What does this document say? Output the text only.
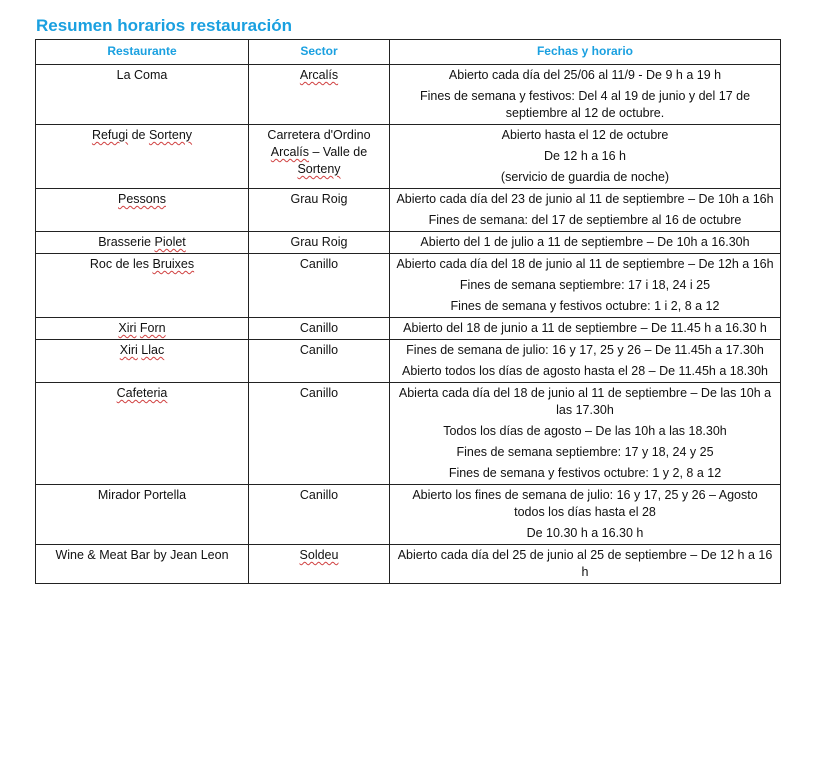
Resumen horarios restauración
Restaurante	Sector	Fechas y horario
La Coma	Arcalís	Abierto cada día del 25/06 al 11/9 - De 9 h a 19 h
Fines de semana y festivos: Del 4 al 19 de junio y del 17 de septiembre al 12 de octubre.

Refugi de Sorteny	Carretera d'Ordino Arcalís – Valle de Sorteny	Abierto hasta el 12 de octubre
De 12 h a 16 h
(servicio de guardia de noche)

Pessons	Grau Roig	Abierto cada día del 23 de junio al 11 de septiembre – De 10h a 16h
Fines de semana: del 17 de septiembre al 16 de octubre

Brasserie Piolet	Grau Roig	Abierto del 1 de julio a 11 de septiembre – De 10h a 16.30h

Roc de les Bruixes	Canillo	Abierto cada día del 18 de junio al 11 de septiembre – De 12h a 16h
Fines de semana septiembre: 17 i 18, 24 i 25
Fines de semana y festivos octubre: 1 i 2, 8 a 12

Xiri Forn	Canillo	Abierto del 18 de junio a 11 de septiembre – De 11.45 h a 16.30 h

Xiri Llac	Canillo	Fines de semana de julio: 16 y 17, 25 y 26 – De 11.45h a 17.30h
Abierto todos los días de agosto hasta el 28 – De 11.45h a 18.30h

Cafeteria	Canillo	Abierta cada día del 18 de junio al 11 de septiembre – De las 10h a las 17.30h
Todos los días de agosto – De las 10h a las 18.30h
Fines de semana septiembre: 17 y 18, 24 y 25
Fines de semana y festivos octubre: 1 y 2, 8 a 12

Mirador Portella	Canillo	Abierto los fines de semana de julio: 16 y 17, 25 y 26 – Agosto todos los días hasta el 28
De 10.30 h a 16.30 h

Wine & Meat Bar by Jean Leon	Soldeu	Abierto cada día del 25 de junio al 25 de septiembre – De 12 h a 16 h
